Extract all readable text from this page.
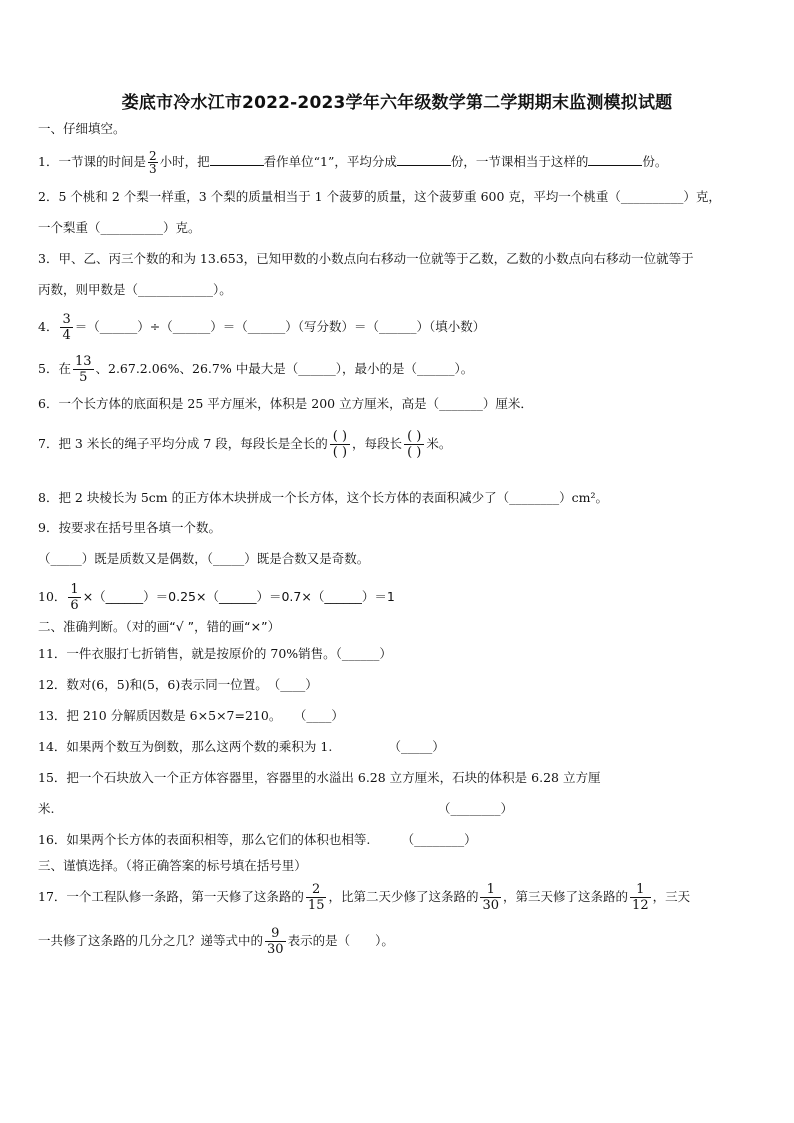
娄底市冷水江市2022-2023学年六年级数学第二学期期末监测模拟试题
一、仔细填空。
1．一节课的时间是 $\frac{2}{3}$ 小时，把	看作单位“1”，平均分成	份，一节课相当于这样的	份。
2．5 个桃和 2 个梨一样重，3 个梨的质量相当于 1 个菠萝的质量，这个菠萝重 600 克，平均一个桃重（__________）克，
一个梨重（__________）克。
3．甲、乙、丙三个数的和为 13.653，已知甲数的小数点向右移动一位就等于乙数，乙数的小数点向右移动一位就等于
丙数，则甲数是（____________）。
4． $\frac{3}{4}$ ＝（______）÷（______）＝（______）（写分数）＝（______）（填小数）
5．在 $\frac{13}{5}$ 、2.67.2.06%、26.7% 中最大是（______），最小的是（______）。
6．一个长方体的底面积是 25 平方厘米，体积是 200 立方厘米，高是（_______）厘米．
7．把 3 米长的绳子平均分成 7 段，每段长是全长的 ( )
( )
，每段长 ( )
( )
米。
8．把 2 块棱长为 5cm 的正方体木块拼成一个长方体，这个长方体的表面积减少了（________）cm²。
9．按要求在括号里各填一个数。
（_____）既是质数又是偶数，（_____）既是合数又是奇数。
10． $\frac{1}{6}$ ×（______）＝0.25×（______）＝0.7×（______）＝1
二、准确判断。（对的画“√ ”，错的画“×”）
11．一件衣服打七折销售，就是按原价的 70%销售。（______）
12．数对(6，5)和(5，6)表示同一位置。　（____）
13．把 210 分解质因数是 6×5×7=210。　　（____）
14．如果两个数互为倒数，那么这两个数的乘积为 1.　　　　　（_____）
15．把一个石块放入一个正方体容器里，容器里的水溢出 6.28 立方厘米，石块的体积是 6.28 立方厘
米.	（________）
16．如果两个长方体的表面积相等，那么它们的体积也相等.　　　（________）
三、谨慎选择。（将正确答案的标号填在括号里）
17．一个工程队修一条路，第一天修了这条路的 $\frac{2}{15}$ ，比第二天少修了这条路的 $\frac{1}{30}$ ，第三天修了这条路的 $\frac{1}{12}$ ，三天
一共修了这条路的几分之几？递等式中的 $\frac{9}{30}$ 表示的是（　　）。
